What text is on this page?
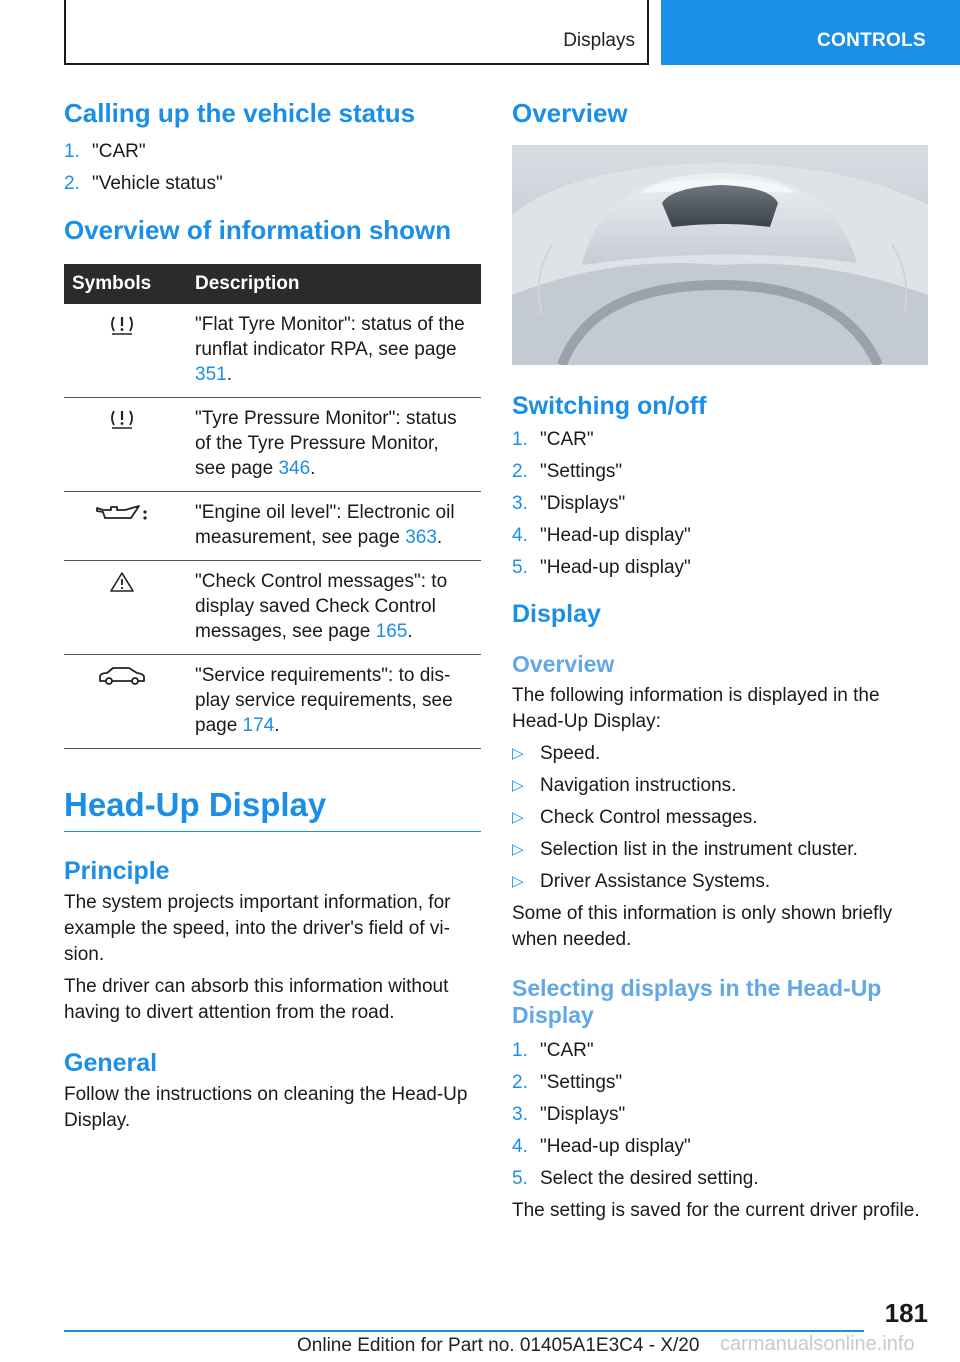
Displays	CONTROLS
Calling up the vehicle status
1. "CAR"
2. "Vehicle status"
Overview of information shown
Symbols	Description
	"Flat Tyre Monitor": status of the runflat indicator RPA, see page 351.
	"Tyre Pressure Monitor": status of the Tyre Pressure Monitor, see page 346.
	"Engine oil level": Electronic oil measurement, see page 363.
	"Check Control messages": to display saved Check Control messages, see page 165.
	"Service requirements": to dis‐play service requirements, see page 174.
Head-Up Display
Principle

The system projects important information, for example the speed, into the driver's field of vi‐sion.

The driver can absorb this information without having to divert attention from the road.

General

Follow the instructions on cleaning the Head-Up Display.

Overview
Switching on/off
1. "CAR"
2. "Settings"
3. "Displays"
4. "Head-up display"
5. "Head-up display"
Display
Overview

The following information is displayed in the Head-Up Display:

▷ Speed.
▷ Navigation instructions.
▷ Check Control messages.
▷ Selection list in the instrument cluster.
▷ Driver Assistance Systems.

Some of this information is only shown briefly when needed.

Selecting displays in the Head-Up Display
1. "CAR"
2. "Settings"
3. "Displays"
4. "Head-up display"
5. Select the desired setting.

The setting is saved for the current driver profile.

181
Online Edition for Part no. 01405A1E3C4 - X/20 carmanualsonline.info
